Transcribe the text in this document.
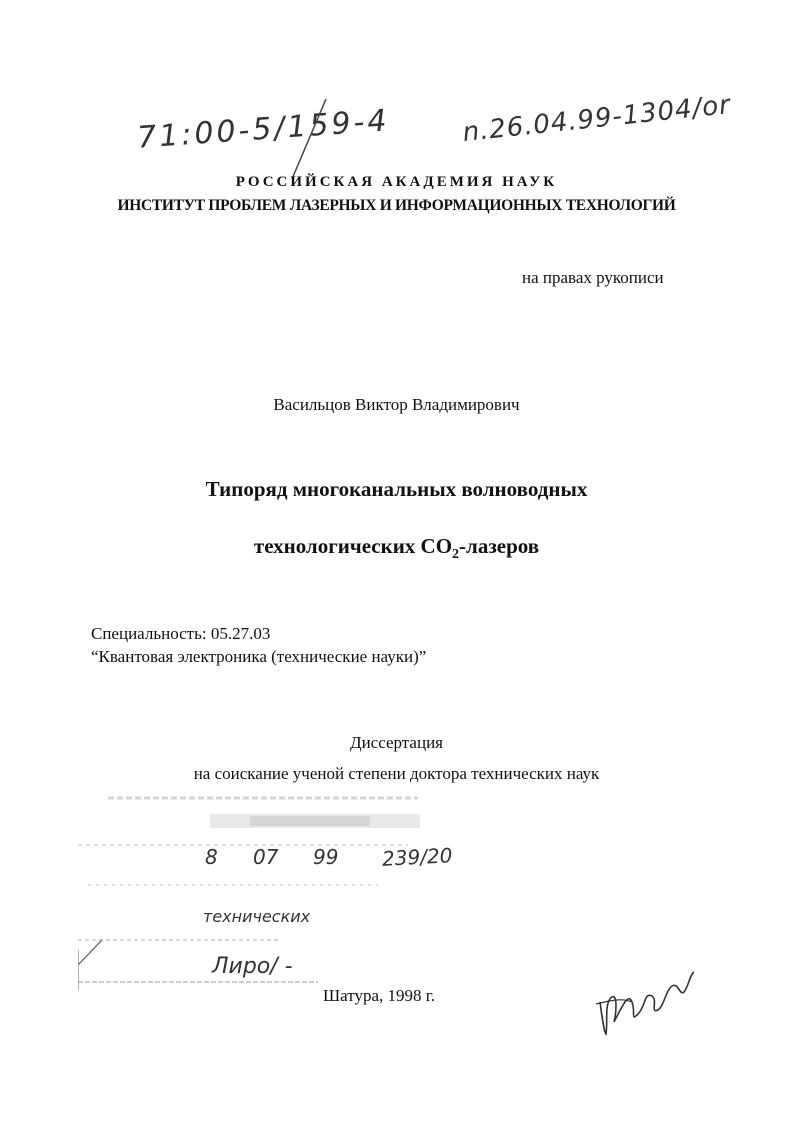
71:00-5/159-4	n.26.04.99-1304/or
РОССИЙСКАЯ АКАДЕМИЯ НАУК
ИНСТИТУТ ПРОБЛЕМ ЛАЗЕРНЫХ И ИНФОРМАЦИОННЫХ ТЕХНОЛОГИЙ
на правах рукописи
Васильцов Виктор Владимирович
Типоряд многоканальных волноводных
технологических $СО_2$-лазеров
Специальность: 05.27.03
“Квантовая электроника (технические науки)”
Диссертация
на соискание ученой степени доктора технических наук
8 07 99 239/20
технических
Лиро/ -
Шатура, 1998 г.
